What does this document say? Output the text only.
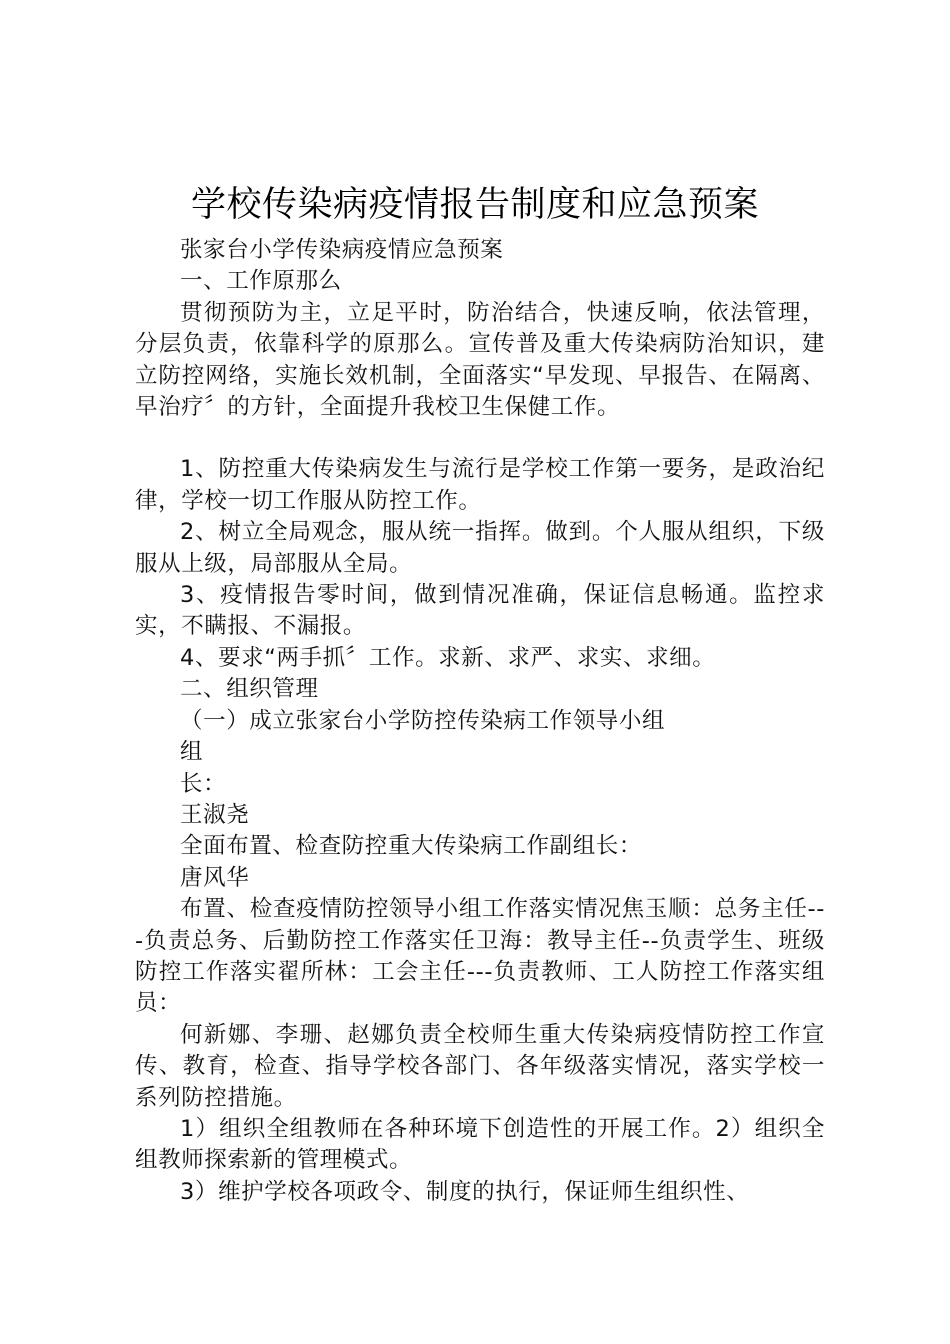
学校传染病疫情报告制度和应急预案

张家台小学传染病疫情应急预案

一、工作原那么

贯彻预防为主，立足平时，防治结合，快速反响，依法管理，分层负责，依靠科学的原那么。宣传普及重大传染病防治知识，建立防控网络，实施长效机制，全面落实“早发现、早报告、在隔离、早治疗〞的方针，全面提升我校卫生保健工作。

1、防控重大传染病发生与流行是学校工作第一要务，是政治纪律，学校一切工作服从防控工作。

2、树立全局观念，服从统一指挥。做到。个人服从组织，下级服从上级，局部服从全局。

3、疫情报告零时间，做到情况准确，保证信息畅通。监控求实，不瞒报、不漏报。

4、要求“两手抓〞工作。求新、求严、求实、求细。

二、组织管理

（一）成立张家台小学防控传染病工作领导小组

组

长：

王淑尧

全面布置、检查防控重大传染病工作副组长：

唐风华

布置、检查疫情防控领导小组工作落实情况焦玉顺：总务主任---负责总务、后勤防控工作落实任卫海：教导主任--负责学生、班级防控工作落实翟所林：工会主任---负责教师、工人防控工作落实组员：

何新娜、李珊、赵娜负责全校师生重大传染病疫情防控工作宣传、教育，检查、指导学校各部门、各年级落实情况，落实学校一系列防控措施。

1）组织全组教师在各种环境下创造性的开展工作。2）组织全组教师探索新的管理模式。

3）维护学校各项政令、制度的执行，保证师生组织性、
